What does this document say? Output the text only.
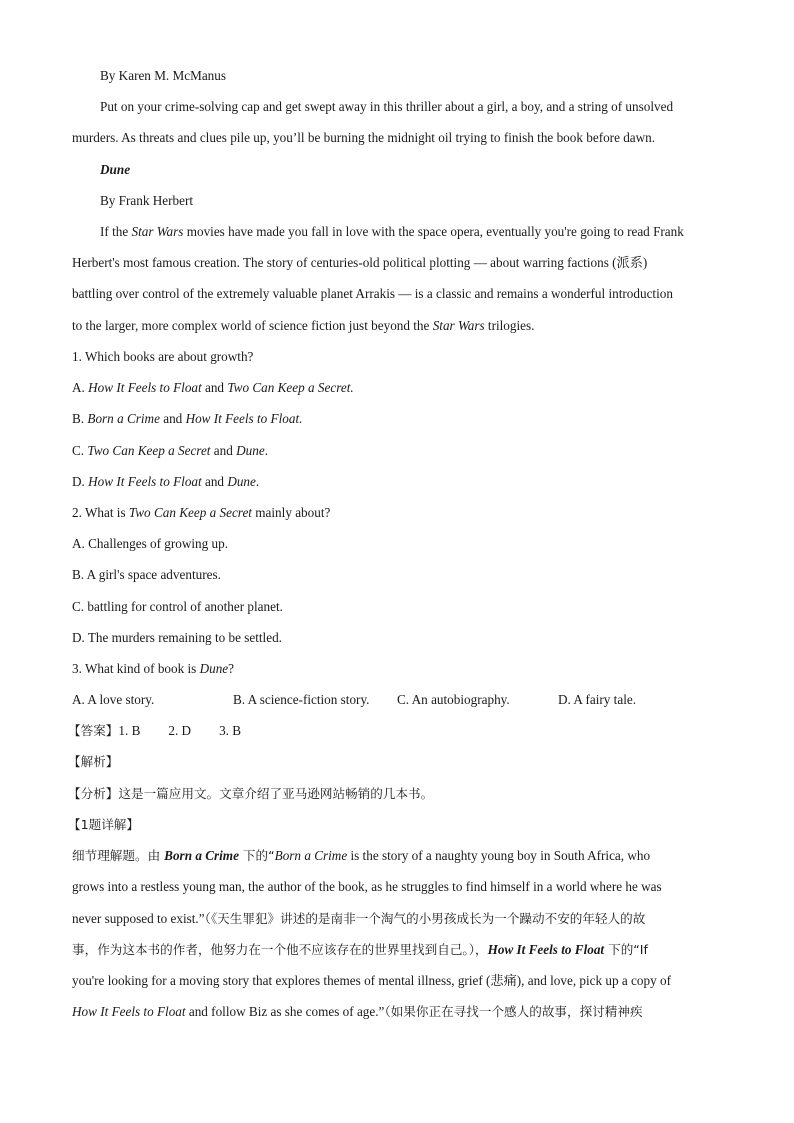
By Karen M. McManus
Put on your crime-solving cap and get swept away in this thriller about a girl, a boy, and a string of unsolved
murders. As threats and clues pile up, you’ll be burning the midnight oil trying to finish the book before dawn.
Dune
By Frank Herbert
If the Star Wars movies have made you fall in love with the space opera, eventually you're going to read Frank
Herbert's most famous creation. The story of centuries-old political plotting — about warring factions (派系)
battling over control of the extremely valuable planet Arrakis — is a classic and remains a wonderful introduction
to the larger, more complex world of science fiction just beyond the Star Wars trilogies.
1. Which books are about growth?
A. How It Feels to Float and Two Can Keep a Secret.
B. Born a Crime and How It Feels to Float.
C. Two Can Keep a Secret and Dune.
D. How It Feels to Float and Dune.
2. What is Two Can Keep a Secret mainly about?
A. Challenges of growing up.
B. A girl's space adventures.
C. battling for control of another planet.
D. The murders remaining to be settled.
3. What kind of book is Dune?
A. A love story.	B. A science-fiction story. C. An autobiography.	D. A fairy tale.
【答案】1. B 2. D 3. B
【解析】
【分析】这是一篇应用文。文章介绍了亚马逊网站畅销的几本书。
【1题详解】
细节理解题。由 Born a Crime 下的“Born a Crime is the story of a naughty young boy in South Africa, who
grows into a restless young man, the author of the book, as he struggles to find himself in a world where he was
never supposed to exist.”（《天生罪犯》讲述的是南非一个淘气的小男孩成长为一个躁动不安的年轻人的故
事，作为这本书的作者，他努力在一个他不应该存在的世界里找到自己。），How It Feels to Float 下的“If
you're looking for a moving story that explores themes of mental illness, grief (悲痛), and love, pick up a copy of
How It Feels to Float and follow Biz as she comes of age.”（如果你正在寻找一个感人的故事，探讨精神疾
